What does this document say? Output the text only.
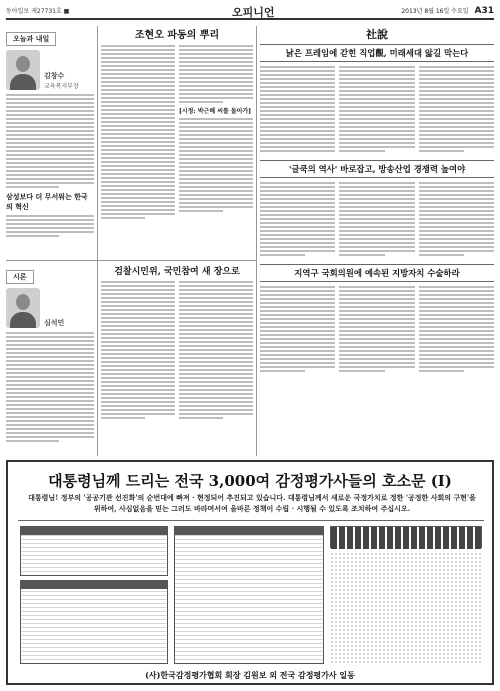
동아일보 제27731호 ■	오피니언	2013년 8월 16일 수요일 A31
오늘과 내일
김창수
교육복지부장
삼성보다 더 무서워는 한국의 혁신
조현오 파동의 뿌리
[시정: 박근혜 씨를 돌아가]
社說
낡은 프레임에 갇힌 직업觀, 미래세대 앓길 막는다
'글쿡의 역사' 바로잡고, 방송산업 경쟁력 높여야
지역구 국회의원에 예속된 지방자치 수술하라
시론
심석민
검찰시민위, 국민참여 새 장으로
대통령님께 드리는 전국 3,000여 감정평가사들의 호소문 (Ⅰ)
대통령님! 정부의 '공공기관 선진화'의 순번대에 빠져 · 현정되어 추진되고 있습니다. 대통령님께서 새로운 국정가치로 정한 '공정한 사회의 구현'을 위하여, 사심없음을 믿는 그러도 바라며서여 올바른 정책이 수립 · 시행될 수 있도록 조치하여 주십시오.
(사)한국감정평가협회 회장 김원보 외 전국 감정평가사 일동
